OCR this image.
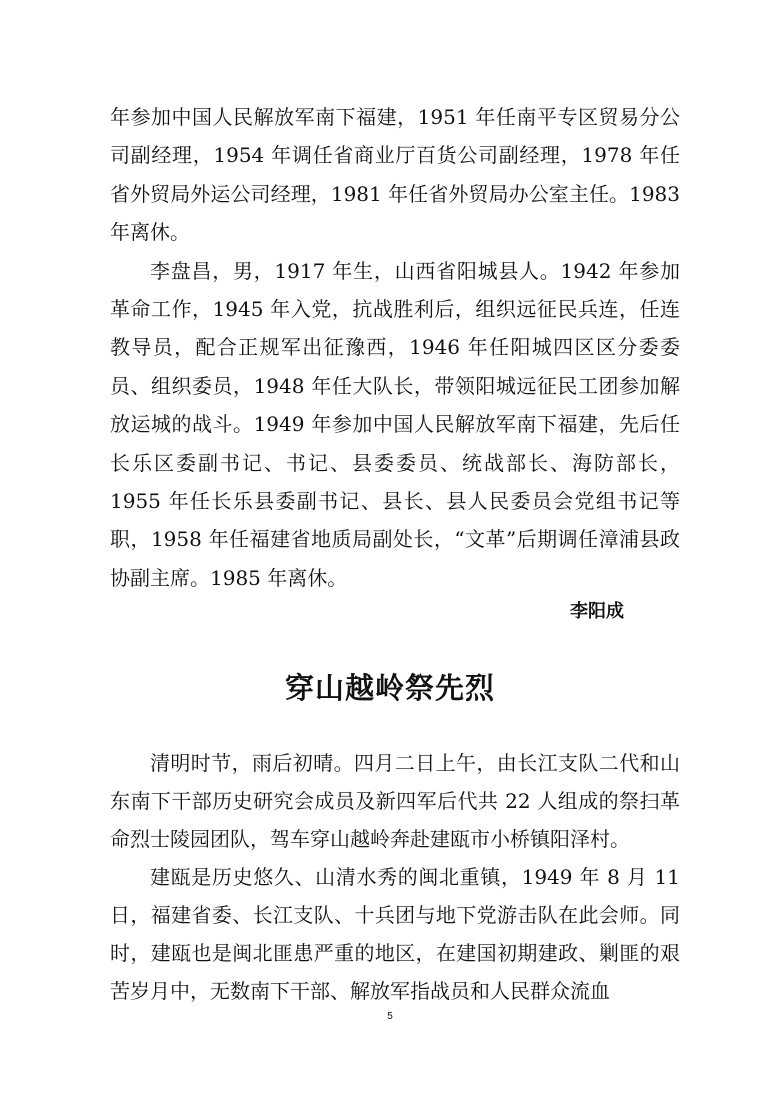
年参加中国人民解放军南下福建，1951 年任南平专区贸易分公司副经理，1954 年调任省商业厅百货公司副经理，1978 年任省外贸局外运公司经理，1981 年任省外贸局办公室主任。1983 年离休。

李盘昌，男，1917 年生，山西省阳城县人。1942 年参加革命工作，1945 年入党，抗战胜利后，组织远征民兵连，任连教导员，配合正规军出征豫西，1946 年任阳城四区区分委委员、组织委员，1948 年任大队长，带领阳城远征民工团参加解放运城的战斗。1949 年参加中国人民解放军南下福建，先后任长乐区委副书记、书记、县委委员、统战部长、海防部长，1955 年任长乐县委副书记、县长、县人民委员会党组书记等职，1958 年任福建省地质局副处长，“文革”后期调任漳浦县政协副主席。1985 年离休。

李阳成
穿山越岭祭先烈

清明时节，雨后初晴。四月二日上午，由长江支队二代和山东南下干部历史研究会成员及新四军后代共 22 人组成的祭扫革命烈士陵园团队，驾车穿山越岭奔赴建瓯市小桥镇阳泽村。

建瓯是历史悠久、山清水秀的闽北重镇，1949 年 8 月 11 日，福建省委、长江支队、十兵团与地下党游击队在此会师。同时，建瓯也是闽北匪患严重的地区，在建国初期建政、剿匪的艰苦岁月中，无数南下干部、解放军指战员和人民群众流血

5
